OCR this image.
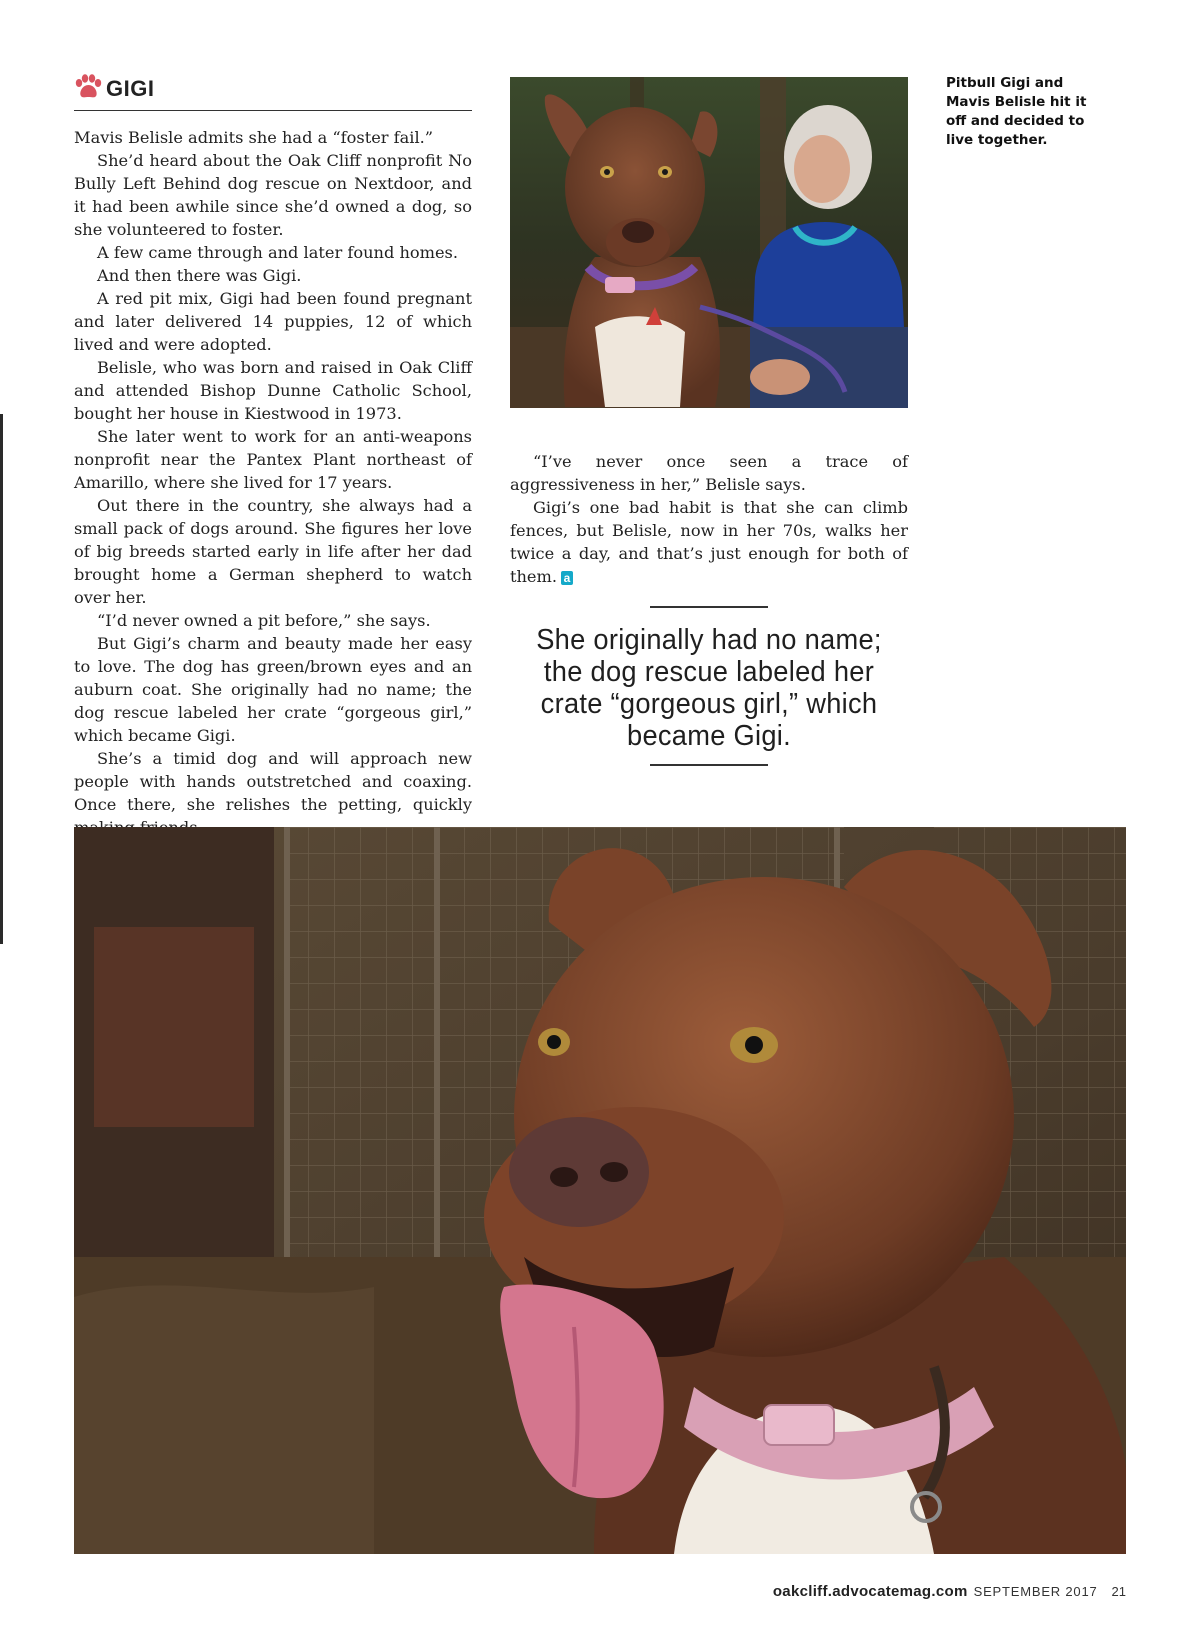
GIGI

Mavis Belisle admits she had a “foster fail.”

She’d heard about the Oak Cliff nonprofit No Bully Left Behind dog rescue on Nextdoor, and it had been awhile since she’d owned a dog, so she volunteered to foster.

A few came through and later found homes.

And then there was Gigi.

A red pit mix, Gigi had been found pregnant and later delivered 14 puppies, 12 of which lived and were adopted.

Belisle, who was born and raised in Oak Cliff and attended Bishop Dunne Catholic School, bought her house in Kiestwood in 1973.

She later went to work for an anti-weapons nonprofit near the Pantex Plant northeast of Amarillo, where she lived for 17 years.

Out there in the country, she always had a small pack of dogs around. She figures her love of big breeds started early in life after her dad brought home a German shepherd to watch over her.

“I’d never owned a pit before,” she says.

But Gigi’s charm and beauty made her easy to love. The dog has green/brown eyes and an auburn coat. She originally had no name; the dog rescue labeled her crate “gorgeous girl,” which became Gigi.

She’s a timid dog and will approach new people with hands outstretched and coaxing. Once there, she relishes the petting, quickly

Pitbull Gigi and Mavis Belisle hit it off and decided to live together.

“I’ve never once seen a trace of aggressiveness in her,” Belisle says.

Gigi’s one bad habit is that she can climb fences, but Belisle, now in her 70s, walks her twice a day, and that’s just enough for both of them. a

She originally had no name; the dog rescue labeled her crate “gorgeous girl,” which became Gigi.
oakcliff.advocatemag.com SEPTEMBER 2017 21
